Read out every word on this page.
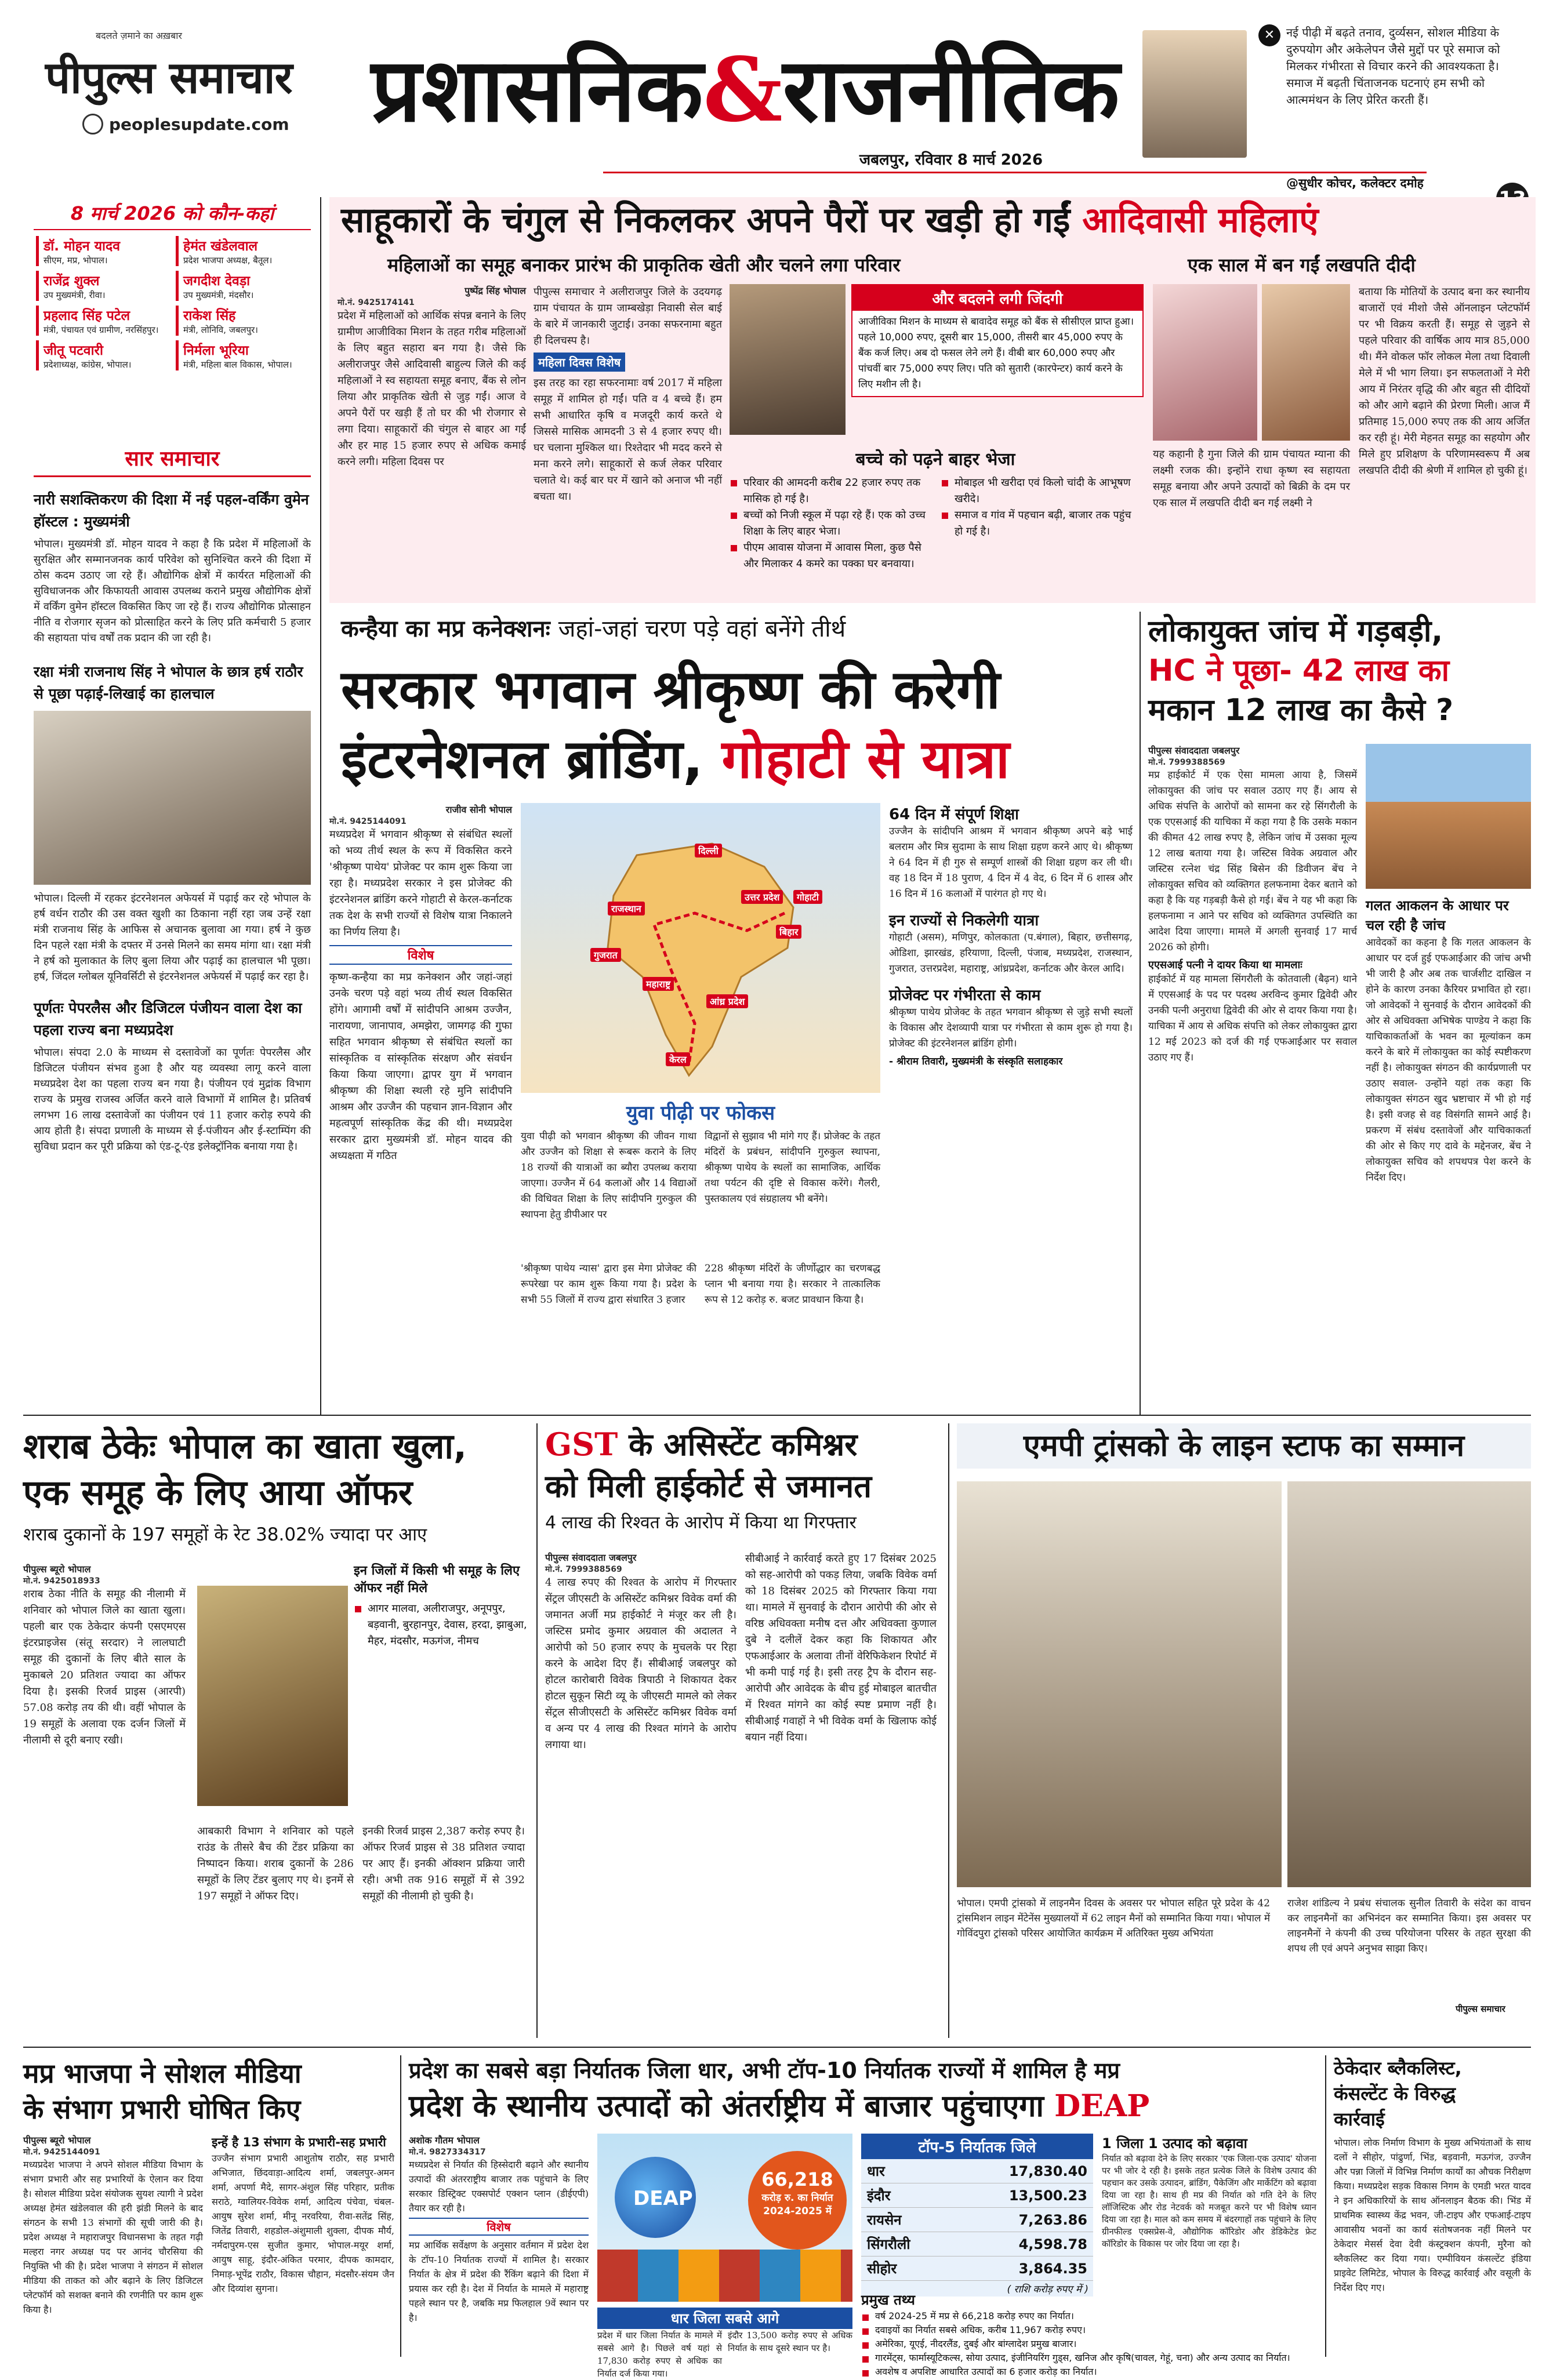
बदलते ज़माने का अख़बार
पीपुल्स समाचार
peoplesupdate.com प्रशासनिक&राजनीतिक
जबलपुर, रविवार 8 मार्च 2026
✕ नई पीढ़ी में बढ़ते तनाव, दुर्व्यसन, सोशल मीडिया के दुरुपयोग और अकेलेपन जैसे मुद्दों पर पूरे समाज को मिलकर गंभीरता से विचार करने की आवश्यकता है। समाज में बढ़ती चिंताजनक घटनाएं हम सभी को आत्ममंथन के लिए प्रेरित करती हैं।
@सुधीर कोचर, कलेक्टर दमोह
8 मार्च 2026 को कौन-कहां
डॉ. मोहन यादव
सीएम, मप्र, भोपाल।
हेमंत खंडेलवाल
प्रदेश भाजपा अध्यक्ष, बैतूल।
राजेंद्र शुक्ल
उप मुख्यमंत्री, रीवा।
जगदीश देवड़ा
उप मुख्यमंत्री, मंदसौर।
प्रहलाद सिंह पटेल
मंत्री, पंचायत एवं ग्रामीण, नरसिंहपुर।
राकेश सिंह
मंत्री, लोनिवि, जबलपुर।
जीतू पटवारी
प्रदेशाध्यक्ष, कांग्रेस, भोपाल।
निर्मला भूरिया
मंत्री, महिला बाल विकास, भोपाल।
सार समाचार
नारी सशक्तिकरण की दिशा में नई पहल-वर्किंग वुमेन हॉस्टल : मुख्यमंत्री
भोपाल। मुख्यमंत्री डॉ. मोहन यादव ने कहा है कि प्रदेश में महिलाओं के सुरक्षित और सम्मानजनक कार्य परिवेश को सुनिश्चित करने की दिशा में ठोस कदम उठाए जा रहे हैं। औद्योगिक क्षेत्रों में कार्यरत महिलाओं की सुविधाजनक और किफायती आवास उपलब्ध कराने प्रमुख औद्योगिक क्षेत्रों में वर्किंग वुमेन हॉस्टल विकसित किए जा रहे हैं। राज्य औद्योगिक प्रोत्साहन नीति व रोजगार सृजन को प्रोत्साहित करने के लिए प्रति कर्मचारी 5 हजार की सहायता पांच वर्षों तक प्रदान की जा रही है।
रक्षा मंत्री राजनाथ सिंह ने भोपाल के छात्र हर्ष राठौर से पूछा पढ़ाई-लिखाई का हालचाल
भोपाल। दिल्ली में रहकर इंटरनेशनल अफेयर्स में पढ़ाई कर रहे भोपाल के हर्ष वर्धन राठौर की उस वक्त खुशी का ठिकाना नहीं रहा जब उन्हें रक्षा मंत्री राजनाथ सिंह के आफिस से अचानक बुलावा आ गया। हर्ष ने कुछ दिन पहले रक्षा मंत्री के दफ्तर में उनसे मिलने का समय मांगा था। रक्षा मंत्री ने हर्ष को मुलाकात के लिए बुला लिया और पढ़ाई का हालचाल भी पूछा। हर्ष, जिंदल ग्लोबल यूनिवर्सिटी से इंटरनेशनल अफेयर्स में पढ़ाई कर रहा है।
पूर्णतः पेपरलैस और डिजिटल पंजीयन वाला देश का पहला राज्य बना मध्यप्रदेश
भोपाल। संपदा 2.0 के माध्यम से दस्तावेजों का पूर्णतः पेपरलैस और डिजिटल पंजीयन संभव हुआ है और यह व्यवस्था लागू करने वाला मध्यप्रदेश देश का पहला राज्य बन गया है। पंजीयन एवं मुद्रांक विभाग राज्य के प्रमुख राजस्व अर्जित करने वाले विभागों में शामिल है। प्रतिवर्ष लगभग 16 लाख दस्तावेजों का पंजीयन एवं 11 हजार करोड़ रुपये की आय होती है। संपदा प्रणाली के माध्यम से ई-पंजीयन और ई-स्टाम्पिंग की सुविधा प्रदान कर पूरी प्रक्रिया को एंड-टू-एंड इलेक्ट्रॉनिक बनाया गया है।
साहूकारों के चंगुल से निकलकर अपने पैरों पर खड़ी हो गईं आदिवासी महिलाएं
महिलाओं का समूह बनाकर प्रारंभ की प्राकृतिक खेती और चलने लगा परिवार	एक साल में बन गईं लखपति दीदी
पुष्पेंद्र सिंह भोपाल
मो.नं. 9425174141
प्रदेश में महिलाओं को आर्थिक संपन्न बनाने के लिए ग्रामीण आजीविका मिशन के तहत गरीब महिलाओं के लिए बहुत सहारा बन गया है। जैसे कि अलीराजपुर जैसे आदिवासी बाहुल्य जिले की कई महिलाओं ने स्व सहायता समूह बनाए, बैंक से लोन लिया और प्राकृतिक खेती से जुड़ गईं। आज वे अपने पैरों पर खड़ी हैं तो घर की भी रोजगार से लगा दिया। साहूकारों की चंगुल से बाहर आ गईं और हर माह 15 हजार रुपए से अधिक कमाई करने लगी। महिला दिवस पर
पीपुल्स समाचार ने अलीराजपुर जिले के उदयगढ़ ग्राम पंचायत के ग्राम जाम्बखेड़ा निवासी सेल बाई के बारे में जानकारी जुटाई। उनका सफरनामा बहुत ही दिलचस्प है।
महिला दिवस विशेष
इस तरह का रहा सफरनामाः वर्ष 2017 में महिला समूह में शामिल हो गईं। पति व 4 बच्चे हैं। हम सभी आधारित कृषि व मजदूरी कार्य करते थे जिससे मासिक आमदनी 3 से 4 हजार रुपए थी। घर चलाना मुश्किल था। रिश्तेदार भी मदद करने से मना करने लगे। साहूकारों से कर्ज लेकर परिवार चलाते थे। कई बार घर में खाने को अनाज भी नहीं बचता था।
और बदलने लगी जिंदगी
आजीविका मिशन के माध्यम से बावादेव समूह को बैंक से सीसीएल प्राप्त हुआ। पहले 10,000 रुपए, दूसरी बार 15,000, तीसरी बार 45,000 रुपए के बैंक कर्ज लिए। अब दो फसल लेने लगे हैं। वीबी बार 60,000 रुपए और पांचवीं बार 75,000 रुपए लिए। पति को सुतारी (कारपेन्टर) कार्य करने के लिए मशीन ली है।
बच्चे को पढ़ने बाहर भेजा
परिवार की आमदनी करीब 22 हजार रुपए तक मासिक हो गई है।
बच्चों को निजी स्कूल में पढ़ा रहे हैं। एक को उच्च शिक्षा के लिए बाहर भेजा।
पीएम आवास योजना में आवास मिला, कुछ पैसे और मिलाकर 4 कमरे का पक्का घर बनवाया।
मोबाइल भी खरीदा एवं किलो चांदी के आभूषण खरीदे।
समाज व गांव में पहचान बढ़ी, बाजार तक पहुंच हो गई है।
यह कहानी है गुना जिले की ग्राम पंचायत म्याना की लक्ष्मी रजक की। इन्होंने राधा कृष्ण स्व सहायता समूह बनाया और अपने उत्पादों को बिक्री के दम पर एक साल में लखपति दीदी बन गई लक्ष्मी ने
बताया कि मोतियों के उत्पाद बना कर स्थानीय बाजारों एवं मीशो जैसे ऑनलाइन प्लेटफॉर्म पर भी विक्रय करती हैं। समूह से जुड़ने से पहले परिवार की वार्षिक आय मात्र 85,000 थी। मैंने वोकल फॉर लोकल मेला तथा दिवाली मेले में भी भाग लिया। इन सफलताओं ने मेरी आय में निरंतर वृद्धि की और बहुत सी दीदियों को और आगे बढ़ाने की प्रेरणा मिली। आज मैं प्रतिमाह 15,000 रुपए तक की आय अर्जित कर रही हूं। मेरी मेहनत समूह का सहयोग और मिले हुए प्रशिक्षण के परिणामस्वरूप मैं अब लखपति दीदी की श्रेणी में शामिल हो चुकी हूं।
कन्हैया का मप्र कनेक्शनः जहां-जहां चरण पड़े वहां बनेंगे तीर्थ
सरकार भगवान श्रीकृष्ण की करेगी
इंटरनेशनल ब्रांडिंग, गोहाटी से यात्रा
राजीव सोनी भोपाल
मो.नं. 9425144091
मध्यप्रदेश में भगवान श्रीकृष्ण से संबंधित स्थलों को भव्य तीर्थ स्थल के रूप में विकसित करने 'श्रीकृष्ण पाथेय' प्रोजेक्ट पर काम शुरू किया जा रहा है। मध्यप्रदेश सरकार ने इस प्रोजेक्ट की इंटरनेशनल ब्रांडिंग करने गोहाटी से केरल-कर्नाटक तक देश के सभी राज्यों से विशेष यात्रा निकालने का निर्णय लिया है।
विशेष
कृष्ण-कन्हैया का मप्र कनेक्शन और जहां-जहां उनके चरण पड़े वहां भव्य तीर्थ स्थल विकसित होंगे। आगामी वर्षों में सांदीपनि आश्रम उज्जैन, नारायणा, जानापाव, अमझेरा, जामगढ़ की गुफा सहित भगवान श्रीकृष्ण से संबंधित स्थलों का सांस्कृतिक व सांस्कृतिक संरक्षण और संवर्धन किया किया जाएगा। द्वापर युग में भगवान श्रीकृष्ण की शिक्षा स्थली रहे मुनि सांदीपनि आश्रम और उज्जैन की पहचान ज्ञान-विज्ञान और महत्वपूर्ण सांस्कृतिक केंद्र की थी। मध्यप्रदेश सरकार द्वारा मुख्यमंत्री डॉ. मोहन यादव की अध्यक्षता में गठित
राजस्थान
दिल्ली
उत्तर प्रदेश
बिहार
गुजरात
गोहाटी
महाराष्ट्र
आंध्र प्रदेश
केरल
युवा पीढ़ी पर फोकस
युवा पीढ़ी को भगवान श्रीकृष्ण की जीवन गाथा और उज्जैन को शिक्षा से रूबरू कराने के लिए 18 राज्यों की यात्राओं का ब्यौरा उपलब्ध कराया जाएगा। उज्जैन में 64 कलाओं और 14 विद्याओं की विधिवत शिक्षा के लिए सांदीपनि गुरुकुल की स्थापना हेतु डीपीआर पर
विद्वानों से सुझाव भी मांगे गए हैं। प्रोजेक्ट के तहत मंदिरों के प्रबंधन, सांदीपनि गुरुकुल स्थापना, श्रीकृष्ण पाथेय के स्थलों का सामाजिक, आर्थिक तथा पर्यटन की दृष्टि से विकास करेंगे। गैलरी, पुस्तकालय एवं संग्रहालय भी बनेंगे।
'श्रीकृष्ण पाथेय न्यास' द्वारा इस मेगा प्रोजेक्ट की रूपरेखा पर काम शुरू किया गया है। प्रदेश के सभी 55 जिलों में राज्य द्वारा संधारित 3 हजार
228 श्रीकृष्ण मंदिरों के जीर्णोद्धार का चरणबद्ध प्लान भी बनाया गया है। सरकार ने तात्कालिक रूप से 12 करोड़ रु. बजट प्रावधान किया है।
64 दिन में संपूर्ण शिक्षा
उज्जैन के सांदीपनि आश्रम में भगवान श्रीकृष्ण अपने बड़े भाई बलराम और मित्र सुदामा के साथ शिक्षा ग्रहण करने आए थे। श्रीकृष्ण ने 64 दिन में ही गुरु से सम्पूर्ण शास्त्रों की शिक्षा ग्रहण कर ली थी। वह 18 दिन में 18 पुराण, 4 दिन में 4 वेद, 6 दिन में 6 शास्त्र और 16 दिन में 16 कलाओं में पारंगत हो गए थे।
इन राज्यों से निकलेगी यात्रा
गोहाटी (असम), मणिपुर, कोलकाता (प.बंगाल), बिहार, छत्तीसगढ़, ओडिशा, झारखंड, हरियाणा, दिल्ली, पंजाब, मध्यप्रदेश, राजस्थान, गुजरात, उत्तरप्रदेश, महाराष्ट्र, आंध्रप्रदेश, कर्नाटक और केरल आदि।
प्रोजेक्ट पर गंभीरता से काम
श्रीकृष्ण पाथेय प्रोजेक्ट के तहत भगवान श्रीकृष्ण से जुड़े सभी स्थलों के विकास और देशव्यापी यात्रा पर गंभीरता से काम शुरू हो गया है। प्रोजेक्ट की इंटरनेशनल ब्रांडिंग होगी।
- श्रीराम तिवारी, मुख्यमंत्री के संस्कृति सलाहकार
लोकायुक्त जांच में गड़बड़ी,
HC ने पूछा- 42 लाख का
मकान 12 लाख का कैसे ?
पीपुल्स संवाददाता जबलपुर
मो.नं. 7999388569
मप्र हाईकोर्ट में एक ऐसा मामला आया है, जिसमें लोकायुक्त की जांच पर सवाल उठाए गए हैं। आय से अधिक संपत्ति के आरोपों को सामना कर रहे सिंगरौली के एक एएसआई की याचिका में कहा गया है कि उसके मकान की कीमत 42 लाख रुपए है, लेकिन जांच में उसका मूल्य 12 लाख बताया गया है। जस्टिस विवेक अग्रवाल और जस्टिस रत्नेश चंद्र सिंह बिसेन की डिवीजन बेंच ने लोकायुक्त सचिव को व्यक्तिगत हलफनामा देकर बताने को कहा है कि यह गड़बड़ी कैसे हो गई। बेंच ने यह भी कहा कि हलफनामा न आने पर सचिव को व्यक्तिगत उपस्थिति का आदेश दिया जाएगा। मामले में अगली सुनवाई 17 मार्च 2026 को होगी।
एएसआई पत्नी ने दायर किया था मामलाः
हाईकोर्ट में यह मामला सिंगरौली के कोतवाली (बैढ़न) थाने में एएसआई के पद पर पदस्थ अरविन्द कुमार द्विवेदी और उनकी पत्नी अनुराधा द्विवेदी की ओर से दायर किया गया है। याचिका में आय से अधिक संपत्ति को लेकर लोकायुक्त द्वारा 12 मई 2023 को दर्ज की गई एफआईआर पर सवाल उठाए गए हैं।
गलत आकलन के आधार पर चल रही है जांच
आवेदकों का कहना है कि गलत आकलन के आधार पर दर्ज हुई एफआईआर की जांच अभी भी जारी है और अब तक चार्जशीट दाखिल न होने के कारण उनका कैरियर प्रभावित हो रहा। जो आवेदकों ने सुनवाई के दौरान आवेदकों की ओर से अधिवक्ता अभिषेक पाण्डेय ने कहा कि याचिकाकर्ताओं के भवन का मूल्यांकन कम करने के बारे में लोकायुक्त का कोई स्पष्टीकरण नहीं है। लोकायुक्त संगठन की कार्यप्रणाली पर उठाए सवाल- उन्होंने यहां तक कहा कि लोकायुक्त संगठन खुद भ्रष्टाचार में भी हो गई है। इसी वजह से वह विसंगति सामने आई है। प्रकरण में संबंध दस्तावेजों और याचिकाकर्ता की ओर से किए गए दावे के मद्देनजर, बेंच ने लोकायुक्त सचिव को शपथपत्र पेश करने के निर्देश दिए।
शराब ठेकेः भोपाल का खाता खुला,
एक समूह के लिए आया ऑफर
शराब दुकानों के 197 समूहों के रेट 38.02% ज्यादा पर आए
पीपुल्स ब्यूरो भोपाल
मो.नं. 9425018933
शराब ठेका नीति के समूह की नीलामी में शनिवार को भोपाल जिले का खाता खुला। पहली बार एक ठेकेदार कंपनी एसएमएस इंटरप्राइजेस (संतू सरदार) ने लालघाटी समूह की दुकानों के लिए बीते साल के मुकाबले 20 प्रतिशत ज्यादा का ऑफर दिया है। इसकी रिजर्व प्राइस (आरपी) 57.08 करोड़ तय की थी। वहीं भोपाल के 19 समूहों के अलावा एक दर्जन जिलों में नीलामी से दूरी बनाए रखी।
इन जिलों में किसी भी समूह के लिए ऑफर नहीं मिले
आगर मालवा, अलीराजपुर, अनूपपुर, बड़वानी, बुरहानपुर, देवास, हरदा, झाबुआ, मैहर, मंदसौर, मऊगंज, नीमच
आबकारी विभाग ने शनिवार को पहले राउंड के तीसरे बैच की टेंडर प्रक्रिया का निष्पादन किया। शराब दुकानों के 286 समूहों के लिए टेंडर बुलाए गए थे। इनमें से 197 समूहों ने ऑफर दिए।
इनकी रिजर्व प्राइस 2,387 करोड़ रुपए है। ऑफर रिजर्व प्राइस से 38 प्रतिशत ज्यादा पर आए हैं। इनकी ऑक्शन प्रक्रिया जारी रही। अभी तक 916 समूहों में से 392 समूहों की नीलामी हो चुकी है।
GST के असिस्टेंट कमिश्नर
को मिली हाईकोर्ट से जमानत
4 लाख की रिश्वत के आरोप में किया था गिरफ्तार
पीपुल्स संवाददाता जबलपुर
मो.नं. 7999388569
4 लाख रुपए की रिश्वत के आरोप में गिरफ्तार सेंट्रल जीएसटी के असिस्टेंट कमिश्नर विवेक वर्मा की जमानत अर्जी मप्र हाईकोर्ट ने मंजूर कर ली है। जस्टिस प्रमोद कुमार अग्रवाल की अदालत ने आरोपी को 50 हजार रुपए के मुचलके पर रिहा करने के आदेश दिए हैं। सीबीआई जबलपुर को होटल कारोबारी विवेक त्रिपाठी ने शिकायत देकर होटल सुकून सिटी व्यू के जीएसटी मामले को लेकर सेंट्रल सीजीएसटी के असिस्टेंट कमिश्नर विवेक वर्मा व अन्य पर 4 लाख की रिश्वत मांगने के आरोप लगाया था।
सीबीआई ने कार्रवाई करते हुए 17 दिसंबर 2025 को सह-आरोपी को पकड़ लिया, जबकि विवेक वर्मा को 18 दिसंबर 2025 को गिरफ्तार किया गया था। मामले में सुनवाई के दौरान आरोपी की ओर से वरिष्ठ अधिवक्ता मनीष दत्त और अधिवक्ता कुणाल दुबे ने दलीलें देकर कहा कि शिकायत और एफआईआर के अलावा तीनों वेरिफिकेशन रिपोर्ट में भी कमी पाई गई है। इसी तरह ट्रैप के दौरान सह-आरोपी और आवेदक के बीच हुई मोबाइल बातचीत में रिश्वत मांगने का कोई स्पष्ट प्रमाण नहीं है। सीबीआई गवाहों ने भी विवेक वर्मा के खिलाफ कोई बयान नहीं दिया।
एमपी ट्रांसको के लाइन स्टाफ का सम्मान
भोपाल। एमपी ट्रांसको में लाइनमैन दिवस के अवसर पर भोपाल सहित पूरे प्रदेश के 42 ट्रांसमिशन लाइन मेंटेनेंस मुख्यालयों में 62 लाइन मैनों को सम्मानित किया गया। भोपाल में गोविंदपुरा ट्रांसको परिसर आयोजित कार्यक्रम में अतिरिक्त मुख्य अभियंता
राजेश शांडिल्य ने प्रबंध संचालक सुनील तिवारी के संदेश का वाचन कर लाइनमैनों का अभिनंदन कर सम्मानित किया। इस अवसर पर लाइनमैनों ने कंपनी की उच्च परियोजना परिसर के तहत सुरक्षा की शपथ ली एवं अपने अनुभव साझा किए।
पीपुल्स समाचार
मप्र भाजपा ने सोशल मीडिया
के संभाग प्रभारी घोषित किए
पीपुल्स ब्यूरो भोपाल
मो.नं. 9425144091
मध्यप्रदेश भाजपा ने अपने सोशल मीडिया विभाग के संभाग प्रभारी और सह प्रभारियों के ऐलान कर दिया है। सोशल मीडिया प्रदेश संयोजक सुयश त्यागी ने प्रदेश अध्यक्ष हेमंत खंडेलवाल की हरी झंडी मिलने के बाद संगठन के सभी 13 संभागों की सूची जारी की है। प्रदेश अध्यक्ष ने महाराजपुर विधानसभा के तहत गढ़ी मल्हरा नगर अध्यक्ष पद पर आनंद चौरसिया की नियुक्ति भी की है। प्रदेश भाजपा ने संगठन में सोशल मीडिया की ताकत को और बढ़ाने के लिए डिजिटल प्लेटफॉर्म को सशक्त बनाने की रणनीति पर काम शुरू किया है।
इन्हें है 13 संभाग के प्रभारी-सह प्रभारी
उज्जैन संभाग प्रभारी आशुतोष राठौर, सह प्रभारी अभिजात, छिंदवाड़ा-आदित्य शर्मा, जबलपुर-अमन शर्मा, अपर्णा मैदे, सागर-अंशुल सिंह परिहार, प्रतीक सराठे, ग्वालियर-विवेक शर्मा, आदित्य पंचेवा, चंबल-आयुष सुरेश शर्मा, मीनू नरवरिया, रीवा-सतेंद्र सिंह, जितेंद्र तिवारी, शहडोल-अंशुमाली शुक्ला, दीपक मौर्य, नर्मदापुरम-एस सुजीत कुमार, भोपाल-मयूर शर्मा, आयुष साहू, इंदौर-अंकित परमार, दीपक कामदार, निमाड़-भूपेंद्र राठौर, विकास चौहान, मंदसौर-संयम जैन और दिव्यांश सुगना।
प्रदेश का सबसे बड़ा निर्यातक जिला धार, अभी टॉप-10 निर्यातक राज्यों में शामिल है मप्र
प्रदेश के स्थानीय उत्पादों को अंतर्राष्ट्रीय में बाजार पहुंचाएगा DEAP
अशोक गौतम भोपाल
मो.नं. 9827334317
मध्यप्रदेश से निर्यात की हिस्सेदारी बढ़ाने और स्थानीय उत्पादों की अंतरराष्ट्रीय बाजार तक पहुंचाने के लिए सरकार डिस्ट्रिक्ट एक्सपोर्ट एक्शन प्लान (डीईएपी) तैयार कर रही है।
विशेष
मप्र आर्थिक सर्वेक्षण के अनुसार वर्तमान में प्रदेश देश के टॉप-10 निर्यातक राज्यों में शामिल है। सरकार निर्यात के क्षेत्र में प्रदेश की रैंकिंग बढ़ाने की दिशा में प्रयास कर रही है। देश में निर्यात के मामले में महाराष्ट्र पहले स्थान पर है, जबकि मप्र फिलहाल 9वें स्थान पर है।
DEAP
66,218
करोड़ रु. का निर्यात
2024-2025 में
धार जिला सबसे आगे
प्रदेश में धार जिला निर्यात के मामले में सबसे आगे है। पिछले वर्ष यहां से 17,830 करोड़ रुपए से अधिक का निर्यात दर्ज किया गया।
इंदौर 13,500 करोड़ रुपए से अधिक निर्यात के साथ दूसरे स्थान पर है।
टॉप-5 निर्यातक जिले
धार	17,830.40
इंदौर	13,500.23
रायसेन	7,263.86
सिंगरौली	4,598.78
सीहोर	3,864.35
( राशि करोड़ रुपए में )
प्रमुख तथ्य
वर्ष 2024-25 में मप्र से 66,218 करोड़ रुपए का निर्यात।
दवाइयों का निर्यात सबसे अधिक, करीब 11,967 करोड़ रुपए।
अमेरिका, यूएई, नीदरलैंड, दुबई और बांग्लादेश प्रमुख बाजार।
गारमेंट्स, फार्मास्यूटिकल्स, सोया उत्पाद, इंजीनियरिंग गुड्स, खनिज और कृषि(चावल, गेहूं, चना) और अन्य उत्पाद का निर्यात।
अवशेष व अपशिष्ट आधारित उत्पादों का 6 हजार करोड़ का निर्यात।
1 जिला 1 उत्पाद को बढ़ावा
निर्यात को बढ़ावा देने के लिए सरकार 'एक जिला-एक उत्पाद' योजना पर भी जोर दे रही है। इसके तहत प्रत्येक जिले के विशेष उत्पाद की पहचान कर उसके उत्पादन, ब्रांडिंग, पैकेजिंग और मार्केटिंग को बढ़ावा दिया जा रहा है। साथ ही मप्र की निर्यात को गति देने के लिए लॉजिस्टिक और रोड नेटवर्क को मजबूत करने पर भी विशेष ध्यान दिया जा रहा है। माल को कम समय में बंदरगाहों तक पहुंचाने के लिए ग्रीनफील्ड एक्सप्रेस-वे, औद्योगिक कॉरिडोर और डेडिकेटेड फ्रेट कॉरिडोर के विकास पर जोर दिया जा रहा है।
ठेकेदार ब्लैकलिस्ट,
कंसल्टेंट के विरुद्ध
कार्रवाई
भोपाल। लोक निर्माण विभाग के मुख्य अभियंताओं के साथ दलों ने सीहोर, पांढुर्णा, भिंड, बड़वानी, मऊगंज, उज्जैन और पन्ना जिलों में विभिन्न निर्माण कार्यों का औचक निरीक्षण किया। मध्यप्रदेश सड़क विकास निगम के एमडी भरत यादव ने इन अधिकारियों के साथ ऑनलाइन बैठक की। भिंड में प्राथमिक स्वास्थ्य केंद्र भवन, जी-टाइप और एफआई-टाइप आवासीय भवनों का कार्य संतोषजनक नहीं मिलने पर ठेकेदार मेसर्स देवा देवी कंस्ट्रक्शन कंपनी, मुरैना को ब्लैकलिस्ट कर दिया गया। एम्पीवियन कंसल्टेंट इंडिया प्राइवेट लिमिटेड, भोपाल के विरुद्ध कार्रवाई और वसूली के निर्देश दिए गए।
